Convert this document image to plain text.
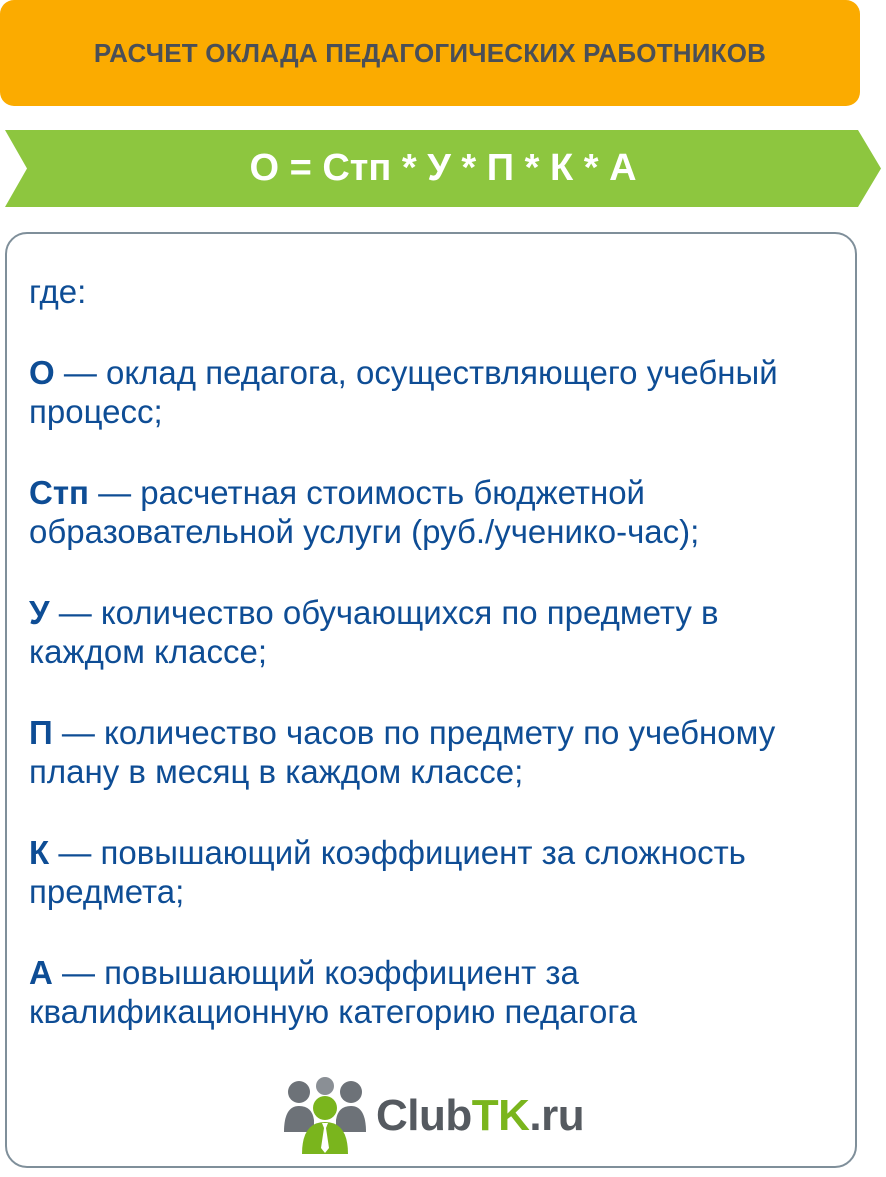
РАСЧЕТ ОКЛАДА ПЕДАГОГИЧЕСКИХ РАБОТНИКОВ
О = Стп * У * П * К * А
где:
О — оклад педагога, осуществляющего учебный процесс;
Стп — расчетная стоимость бюджетной образовательной услуги (руб./ученико-час);
У — количество обучающихся по предмету в каждом классе;
П — количество часов по предмету по учебному плану в месяц в каждом классе;
К — повышающий коэффициент за сложность предмета;
А — повышающий коэффициент за квалификационную категорию педагога
ClubTK.ru
